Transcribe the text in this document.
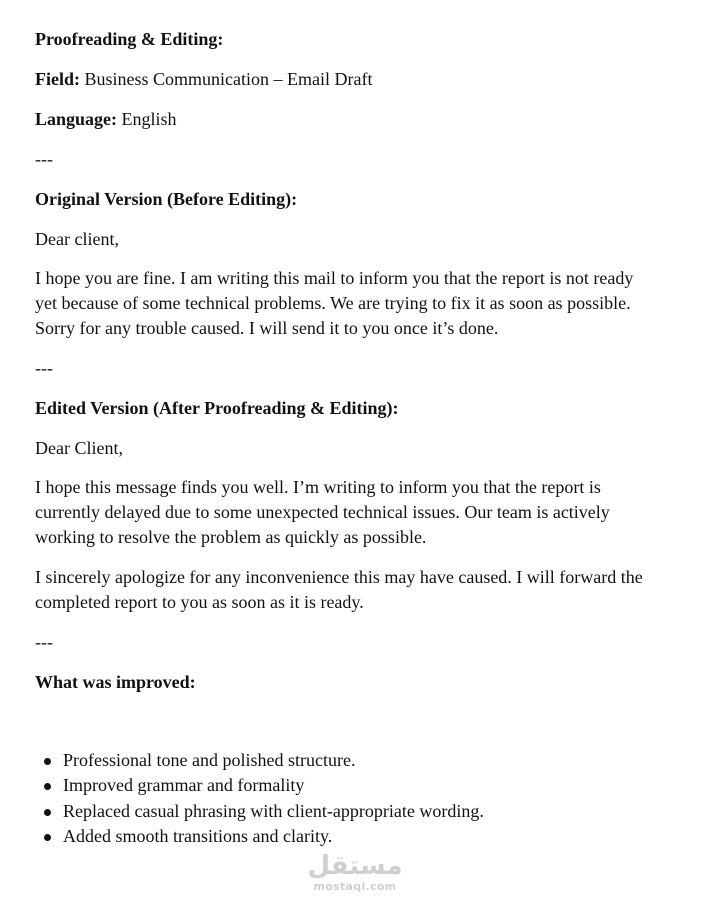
Proofreading & Editing:

Field: Business Communication – Email Draft

Language: English

---

Original Version (Before Editing):

Dear client,

I hope you are fine. I am writing this mail to inform you that the report is not ready
yet because of some technical problems. We are trying to fix it as soon as possible.
Sorry for any trouble caused. I will send it to you once it’s done.

---

Edited Version (After Proofreading & Editing):

Dear Client,

I hope this message finds you well. I’m writing to inform you that the report is
currently delayed due to some unexpected technical issues. Our team is actively
working to resolve the problem as quickly as possible.
I sincerely apologize for any inconvenience this may have caused. I will forward the
completed report to you as soon as it is ready.

---

What was improved:

Professional tone and polished structure.
Improved grammar and formality
Replaced casual phrasing with client-appropriate wording.
Added smooth transitions and clarity.
مستقل
mostaql.com
